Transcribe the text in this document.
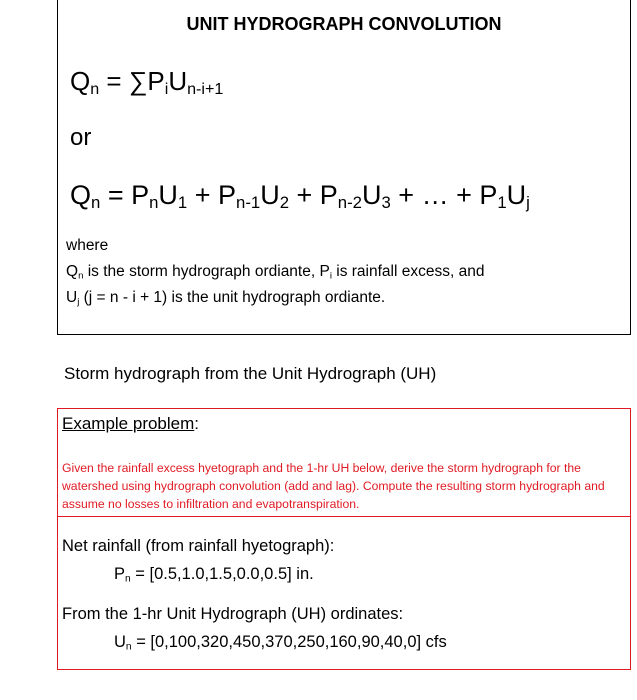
UNIT HYDROGRAPH CONVOLUTION
$Q_n = \sum P_iU_{n-i+1}$
or
$Q_n = P_nU_1 + P_{n-1}U_2 + P_{n-2}U_3$ + … + $P_1U_j$
where
$Q_n$ is the storm hydrograph ordiante, $P_i$ is rainfall excess, and
$U_j$ (j = n - i + 1) is the unit hydrograph ordiante.
Storm hydrograph from the Unit Hydrograph (UH)
Example problem:
Given the rainfall excess hyetograph and the 1-hr UH below, derive the storm hydrograph for the watershed using hydrograph convolution (add and lag). Compute the resulting storm hydrograph and assume no losses to infiltration and evapotranspiration.
Net rainfall (from rainfall hyetograph):
$P_n = [0.5,1.0,1.5,0.0,0.5]$ in.
From the 1-hr Unit Hydrograph (UH) ordinates:
$U_n = [0,100,320,450,370,250,160,90,40,0]$ cfs
